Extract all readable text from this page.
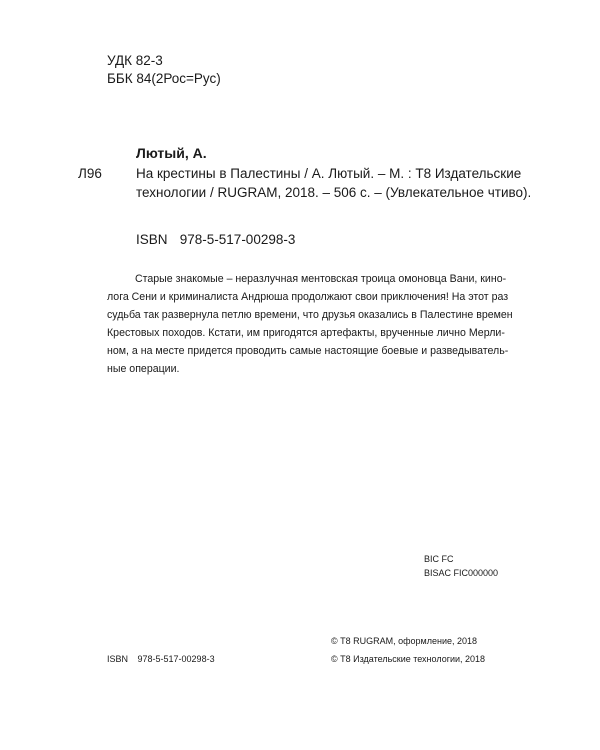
УДК 82-3
ББК 84(2Рос=Рус)
Лютый, А.
Л96	На крестины в Палестины / А. Лютый. – М. : Т8 Издательские
технологии / RUGRAM, 2018. – 506 с. – (Увлекательное чтиво).
ISBN 978-5-517-00298-3

Старые знакомые – неразлучная ментовская троица омоновца Вани, кино-

лога Сени и криминалиста Андрюша продолжают свои приключения! На этот раз

судьба так развернула петлю времени, что друзья оказались в Палестине времен

Крестовых походов. Кстати, им пригодятся артефакты, врученные лично Мерли-

ном, а на месте придется проводить самые настоящие боевые и разведыватель-

ные операции.

BIC FC
BISAC FIC000000
© Т8 RUGRAM, оформление, 2018
ISBN 978-5-517-00298-3	© Т8 Издательские технологии, 2018
